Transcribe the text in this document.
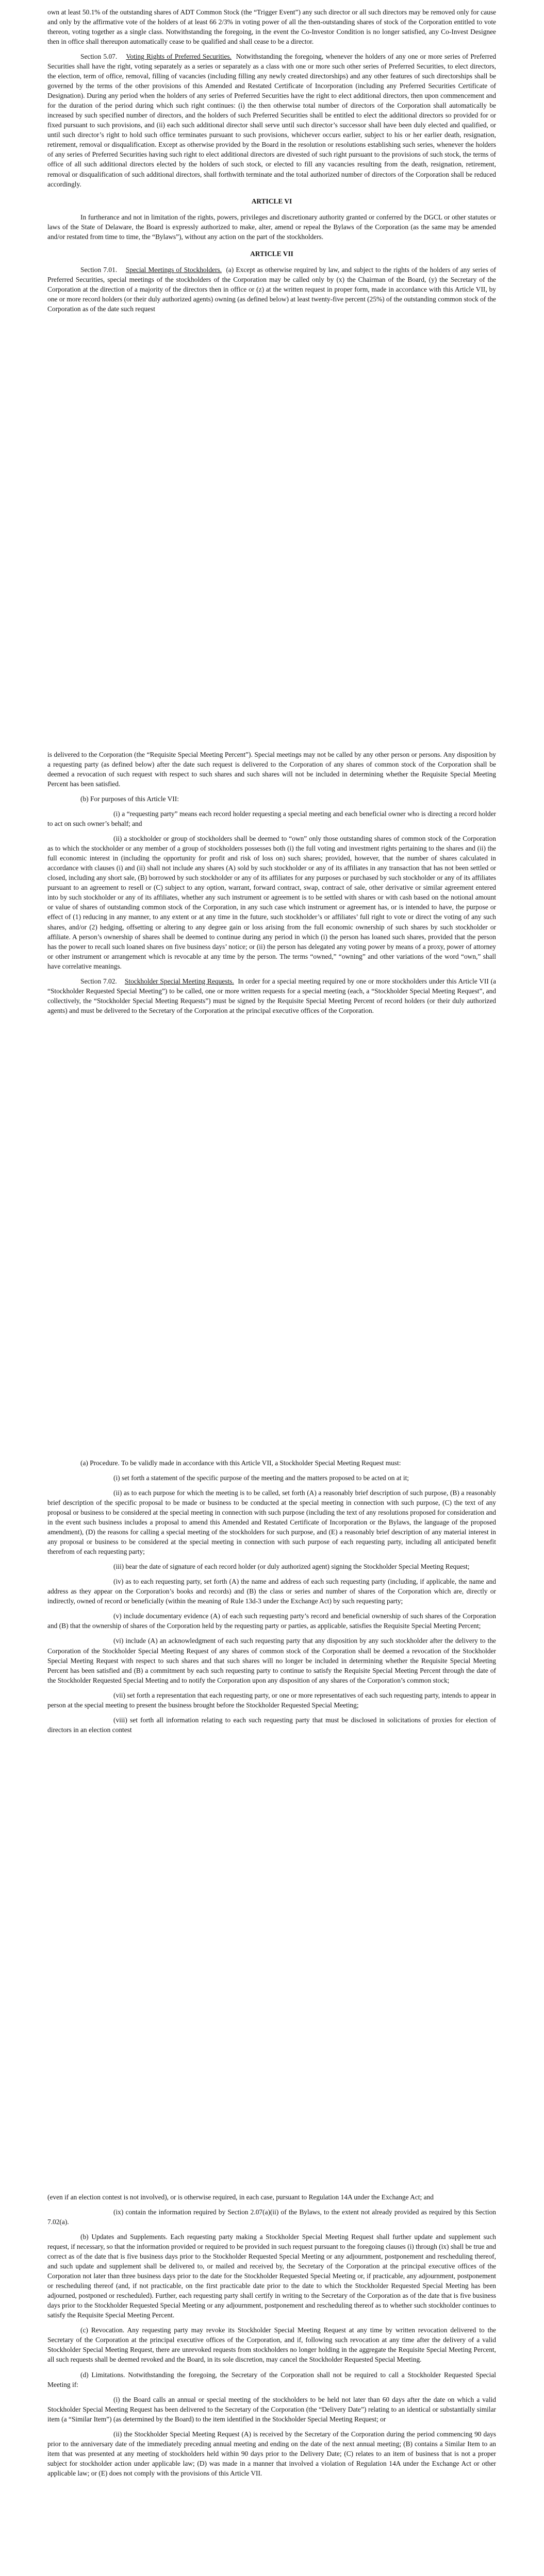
own at least 50.1% of the outstanding shares of ADT Common Stock (the “Trigger Event”) any such director or all such directors may be removed only for cause and only by the affirmative vote of the holders of at least 66 2/3% in voting power of all the then-outstanding shares of stock of the Corporation entitled to vote thereon, voting together as a single class. Notwithstanding the foregoing, in the event the Co-Investor Condition is no longer satisfied, any Co-Invest Designee then in office shall thereupon automatically cease to be qualified and shall cease to be a director.

Section 5.07. Voting Rights of Preferred Securities. Notwithstanding the foregoing, whenever the holders of any one or more series of Preferred Securities shall have the right, voting separately as a series or separately as a class with one or more such other series of Preferred Securities, to elect directors, the election, term of office, removal, filling of vacancies (including filling any newly created directorships) and any other features of such directorships shall be governed by the terms of the other provisions of this Amended and Restated Certificate of Incorporation (including any Preferred Securities Certificate of Designation). During any period when the holders of any series of Preferred Securities have the right to elect additional directors, then upon commencement and for the duration of the period during which such right continues: (i) the then otherwise total number of directors of the Corporation shall automatically be increased by such specified number of directors, and the holders of such Preferred Securities shall be entitled to elect the additional directors so provided for or fixed pursuant to such provisions, and (ii) each such additional director shall serve until such director’s successor shall have been duly elected and qualified, or until such director’s right to hold such office terminates pursuant to such provisions, whichever occurs earlier, subject to his or her earlier death, resignation, retirement, removal or disqualification. Except as otherwise provided by the Board in the resolution or resolutions establishing such series, whenever the holders of any series of Preferred Securities having such right to elect additional directors are divested of such right pursuant to the provisions of such stock, the terms of office of all such additional directors elected by the holders of such stock, or elected to fill any vacancies resulting from the death, resignation, retirement, removal or disqualification of such additional directors, shall forthwith terminate and the total authorized number of directors of the Corporation shall be reduced accordingly.

ARTICLE VI

In furtherance and not in limitation of the rights, powers, privileges and discretionary authority granted or conferred by the DGCL or other statutes or laws of the State of Delaware, the Board is expressly authorized to make, alter, amend or repeal the Bylaws of the Corporation (as the same may be amended and/or restated from time to time, the “Bylaws”), without any action on the part of the stockholders.

ARTICLE VII

Section 7.01. Special Meetings of Stockholders. (a) Except as otherwise required by law, and subject to the rights of the holders of any series of Preferred Securities, special meetings of the stockholders of the Corporation may be called only by (x) the Chairman of the Board, (y) the Secretary of the Corporation at the direction of a majority of the directors then in office or (z) at the written request in proper form, made in accordance with this Article VII, by one or more record holders (or their duly authorized agents) owning (as defined below) at least twenty-five percent (25%) of the outstanding common stock of the Corporation as of the date such request

is delivered to the Corporation (the “Requisite Special Meeting Percent”). Special meetings may not be called by any other person or persons. Any disposition by a requesting party (as defined below) after the date such request is delivered to the Corporation of any shares of common stock of the Corporation shall be deemed a revocation of such request with respect to such shares and such shares will not be included in determining whether the Requisite Special Meeting Percent has been satisfied.

(b) For purposes of this Article VII:

(i) a “requesting party” means each record holder requesting a special meeting and each beneficial owner who is directing a record holder to act on such owner’s behalf; and

(ii) a stockholder or group of stockholders shall be deemed to “own” only those outstanding shares of common stock of the Corporation as to which the stockholder or any member of a group of stockholders possesses both (i) the full voting and investment rights pertaining to the shares and (ii) the full economic interest in (including the opportunity for profit and risk of loss on) such shares; provided, however, that the number of shares calculated in accordance with clauses (i) and (ii) shall not include any shares (A) sold by such stockholder or any of its affiliates in any transaction that has not been settled or closed, including any short sale, (B) borrowed by such stockholder or any of its affiliates for any purposes or purchased by such stockholder or any of its affiliates pursuant to an agreement to resell or (C) subject to any option, warrant, forward contract, swap, contract of sale, other derivative or similar agreement entered into by such stockholder or any of its affiliates, whether any such instrument or agreement is to be settled with shares or with cash based on the notional amount or value of shares of outstanding common stock of the Corporation, in any such case which instrument or agreement has, or is intended to have, the purpose or effect of (1) reducing in any manner, to any extent or at any time in the future, such stockholder’s or affiliates’ full right to vote or direct the voting of any such shares, and/or (2) hedging, offsetting or altering to any degree gain or loss arising from the full economic ownership of such shares by such stockholder or affiliate. A person’s ownership of shares shall be deemed to continue during any period in which (i) the person has loaned such shares, provided that the person has the power to recall such loaned shares on five business days’ notice; or (ii) the person has delegated any voting power by means of a proxy, power of attorney or other instrument or arrangement which is revocable at any time by the person. The terms “owned,” “owning” and other variations of the word “own,” shall have correlative meanings.

Section 7.02. Stockholder Special Meeting Requests. In order for a special meeting required by one or more stockholders under this Article VII (a “Stockholder Requested Special Meeting”) to be called, one or more written requests for a special meeting (each, a “Stockholder Special Meeting Request”, and collectively, the “Stockholder Special Meeting Requests”) must be signed by the Requisite Special Meeting Percent of record holders (or their duly authorized agents) and must be delivered to the Secretary of the Corporation at the principal executive offices of the Corporation.

(a) Procedure. To be validly made in accordance with this Article VII, a Stockholder Special Meeting Request must:

(i) set forth a statement of the specific purpose of the meeting and the matters proposed to be acted on at it;

(ii) as to each purpose for which the meeting is to be called, set forth (A) a reasonably brief description of such purpose, (B) a reasonably brief description of the specific proposal to be made or business to be conducted at the special meeting in connection with such purpose, (C) the text of any proposal or business to be considered at the special meeting in connection with such purpose (including the text of any resolutions proposed for consideration and in the event such business includes a proposal to amend this Amended and Restated Certificate of Incorporation or the Bylaws, the language of the proposed amendment), (D) the reasons for calling a special meeting of the stockholders for such purpose, and (E) a reasonably brief description of any material interest in any proposal or business to be considered at the special meeting in connection with such purpose of each requesting party, including all anticipated benefit therefrom of each requesting party;

(iii) bear the date of signature of each record holder (or duly authorized agent) signing the Stockholder Special Meeting Request;

(iv) as to each requesting party, set forth (A) the name and address of each such requesting party (including, if applicable, the name and address as they appear on the Corporation’s books and records) and (B) the class or series and number of shares of the Corporation which are, directly or indirectly, owned of record or beneficially (within the meaning of Rule 13d-3 under the Exchange Act) by such requesting party;

(v) include documentary evidence (A) of each such requesting party’s record and beneficial ownership of such shares of the Corporation and (B) that the ownership of shares of the Corporation held by the requesting party or parties, as applicable, satisfies the Requisite Special Meeting Percent;

(vi) include (A) an acknowledgment of each such requesting party that any disposition by any such stockholder after the delivery to the Corporation of the Stockholder Special Meeting Request of any shares of common stock of the Corporation shall be deemed a revocation of the Stockholder Special Meeting Request with respect to such shares and that such shares will no longer be included in determining whether the Requisite Special Meeting Percent has been satisfied and (B) a commitment by each such requesting party to continue to satisfy the Requisite Special Meeting Percent through the date of the Stockholder Requested Special Meeting and to notify the Corporation upon any disposition of any shares of the Corporation’s common stock;

(vii) set forth a representation that each requesting party, or one or more representatives of each such requesting party, intends to appear in person at the special meeting to present the business brought before the Stockholder Requested Special Meeting;

(viii) set forth all information relating to each such requesting party that must be disclosed in solicitations of proxies for election of directors in an election contest

(even if an election contest is not involved), or is otherwise required, in each case, pursuant to Regulation 14A under the Exchange Act; and

(ix) contain the information required by Section 2.07(a)(ii) of the Bylaws, to the extent not already provided as required by this Section 7.02(a).

(b) Updates and Supplements. Each requesting party making a Stockholder Special Meeting Request shall further update and supplement such request, if necessary, so that the information provided or required to be provided in such request pursuant to the foregoing clauses (i) through (ix) shall be true and correct as of the date that is five business days prior to the Stockholder Requested Special Meeting or any adjournment, postponement and rescheduling thereof, and such update and supplement shall be delivered to, or mailed and received by, the Secretary of the Corporation at the principal executive offices of the Corporation not later than three business days prior to the date for the Stockholder Requested Special Meeting or, if practicable, any adjournment, postponement or rescheduling thereof (and, if not practicable, on the first practicable date prior to the date to which the Stockholder Requested Special Meeting has been adjourned, postponed or rescheduled). Further, each requesting party shall certify in writing to the Secretary of the Corporation as of the date that is five business days prior to the Stockholder Requested Special Meeting or any adjournment, postponement and rescheduling thereof as to whether such stockholder continues to satisfy the Requisite Special Meeting Percent.

(c) Revocation. Any requesting party may revoke its Stockholder Special Meeting Request at any time by written revocation delivered to the Secretary of the Corporation at the principal executive offices of the Corporation, and if, following such revocation at any time after the delivery of a valid Stockholder Special Meeting Request, there are unrevoked requests from stockholders no longer holding in the aggregate the Requisite Special Meeting Percent, all such requests shall be deemed revoked and the Board, in its sole discretion, may cancel the Stockholder Requested Special Meeting.

(d) Limitations. Notwithstanding the foregoing, the Secretary of the Corporation shall not be required to call a Stockholder Requested Special Meeting if:

(i) the Board calls an annual or special meeting of the stockholders to be held not later than 60 days after the date on which a valid Stockholder Special Meeting Request has been delivered to the Secretary of the Corporation (the “Delivery Date”) relating to an identical or substantially similar item (a “Similar Item”) (as determined by the Board) to the item identified in the Stockholder Special Meeting Request; or

(ii) the Stockholder Special Meeting Request (A) is received by the Secretary of the Corporation during the period commencing 90 days prior to the anniversary date of the immediately preceding annual meeting and ending on the date of the next annual meeting; (B) contains a Similar Item to an item that was presented at any meeting of stockholders held within 90 days prior to the Delivery Date; (C) relates to an item of business that is not a proper subject for stockholder action under applicable law; (D) was made in a manner that involved a violation of Regulation 14A under the Exchange Act or other applicable law; or (E) does not comply with the provisions of this Article VII.
